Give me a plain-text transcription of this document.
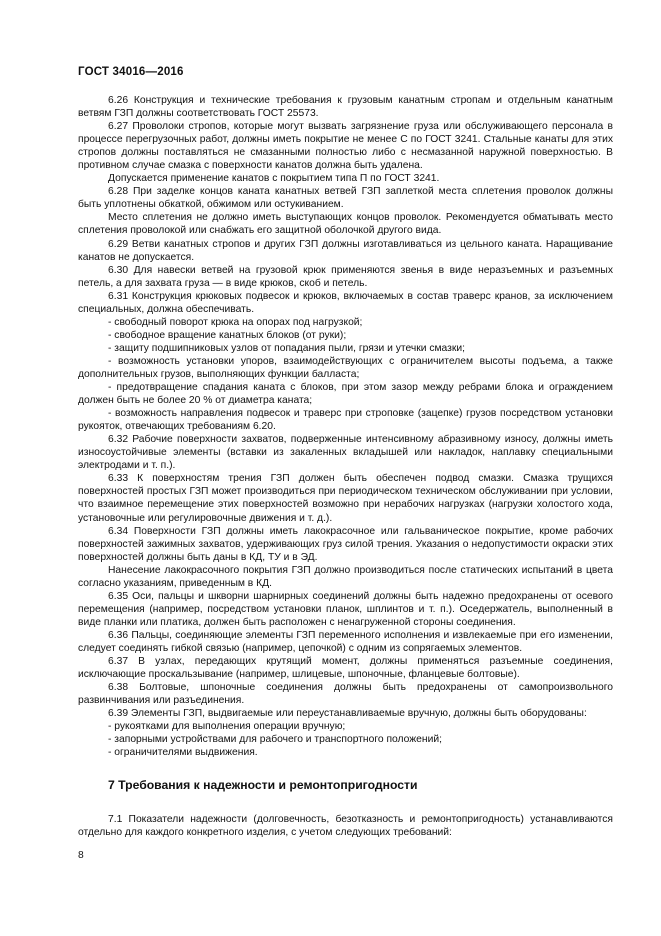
ГОСТ 34016—2016

6.26 Конструкция и технические требования к грузовым канатным стропам и отдельным канатным ветвям ГЗП должны соответствовать ГОСТ 25573.

6.27 Проволоки стропов, которые могут вызвать загрязнение груза или обслуживающего персонала в процессе перегрузочных работ, должны иметь покрытие не менее С по ГОСТ 3241. Стальные канаты для этих стропов должны поставляться не смазанными полностью либо с несмазанной наружной поверхностью. В противном случае смазка с поверхности канатов должна быть удалена.

Допускается применение канатов с покрытием типа П по ГОСТ 3241.

6.28 При заделке концов каната канатных ветвей ГЗП заплеткой места сплетения проволок должны быть уплотнены обкаткой, обжимом или остукиванием.

Место сплетения не должно иметь выступающих концов проволок. Рекомендуется обматывать место сплетения проволокой или снабжать его защитной оболочкой другого вида.

6.29 Ветви канатных стропов и других ГЗП должны изготавливаться из цельного каната. Наращивание канатов не допускается.

6.30 Для навески ветвей на грузовой крюк применяются звенья в виде неразъемных и разъемных петель, а для захвата груза — в виде крюков, скоб и петель.

6.31 Конструкция крюковых подвесок и крюков, включаемых в состав траверс кранов, за исключением специальных, должна обеспечивать.

- свободный поворот крюка на опорах под нагрузкой;

- свободное вращение канатных блоков (от руки);

- защиту подшипниковых узлов от попадания пыли, грязи и утечки смазки;

- возможность установки упоров, взаимодействующих с ограничителем высоты подъема, а также дополнительных грузов, выполняющих функции балласта;

- предотвращение спадания каната с блоков, при этом зазор между ребрами блока и ограждением должен быть не более 20 % от диаметра каната;

- возможность направления подвесок и траверс при строповке (зацепке) грузов посредством установки рукояток, отвечающих требованиям 6.20.

6.32 Рабочие поверхности захватов, подверженные интенсивному абразивному износу, должны иметь износоустойчивые элементы (вставки из закаленных вкладышей или накладок, наплавку специальными электродами и т. п.).

6.33 К поверхностям трения ГЗП должен быть обеспечен подвод смазки. Смазка трущихся поверхностей простых ГЗП может производиться при периодическом техническом обслуживании при условии, что взаимное перемещение этих поверхностей возможно при нерабочих нагрузках (нагрузки холостого хода, установочные или регулировочные движения и т. д.).

6.34 Поверхности ГЗП должны иметь лакокрасочное или гальваническое покрытие, кроме рабочих поверхностей зажимных захватов, удерживающих груз силой трения. Указания о недопустимости окраски этих поверхностей должны быть даны в КД, ТУ и в ЭД.

Нанесение лакокрасочного покрытия ГЗП должно производиться после статических испытаний в цвета согласно указаниям, приведенным в КД.

6.35 Оси, пальцы и шкворни шарнирных соединений должны быть надежно предохранены от осевого перемещения (например, посредством установки планок, шплинтов и т. п.). Оседержатель, выполненный в виде планки или платика, должен быть расположен с ненагруженной стороны соединения.

6.36 Пальцы, соединяющие элементы ГЗП переменного исполнения и извлекаемые при его изменении, следует соединять гибкой связью (например, цепочкой) с одним из сопрягаемых элементов.

6.37 В узлах, передающих крутящий момент, должны применяться разъемные соединения, исключающие проскальзывание (например, шлицевые, шпоночные, фланцевые болтовые).

6.38 Болтовые, шпоночные соединения должны быть предохранены от самопроизвольного развинчивания или разъединения.

6.39 Элементы ГЗП, выдвигаемые или переустанавливаемые вручную, должны быть оборудованы:

- рукоятками для выполнения операции вручную;

- запорными устройствами для рабочего и транспортного положений;

- ограничителями выдвижения.

7 Требования к надежности и ремонтопригодности

7.1 Показатели надежности (долговечность, безотказность и ремонтопригодность) устанавливаются отдельно для каждого конкретного изделия, с учетом следующих требований:

8
